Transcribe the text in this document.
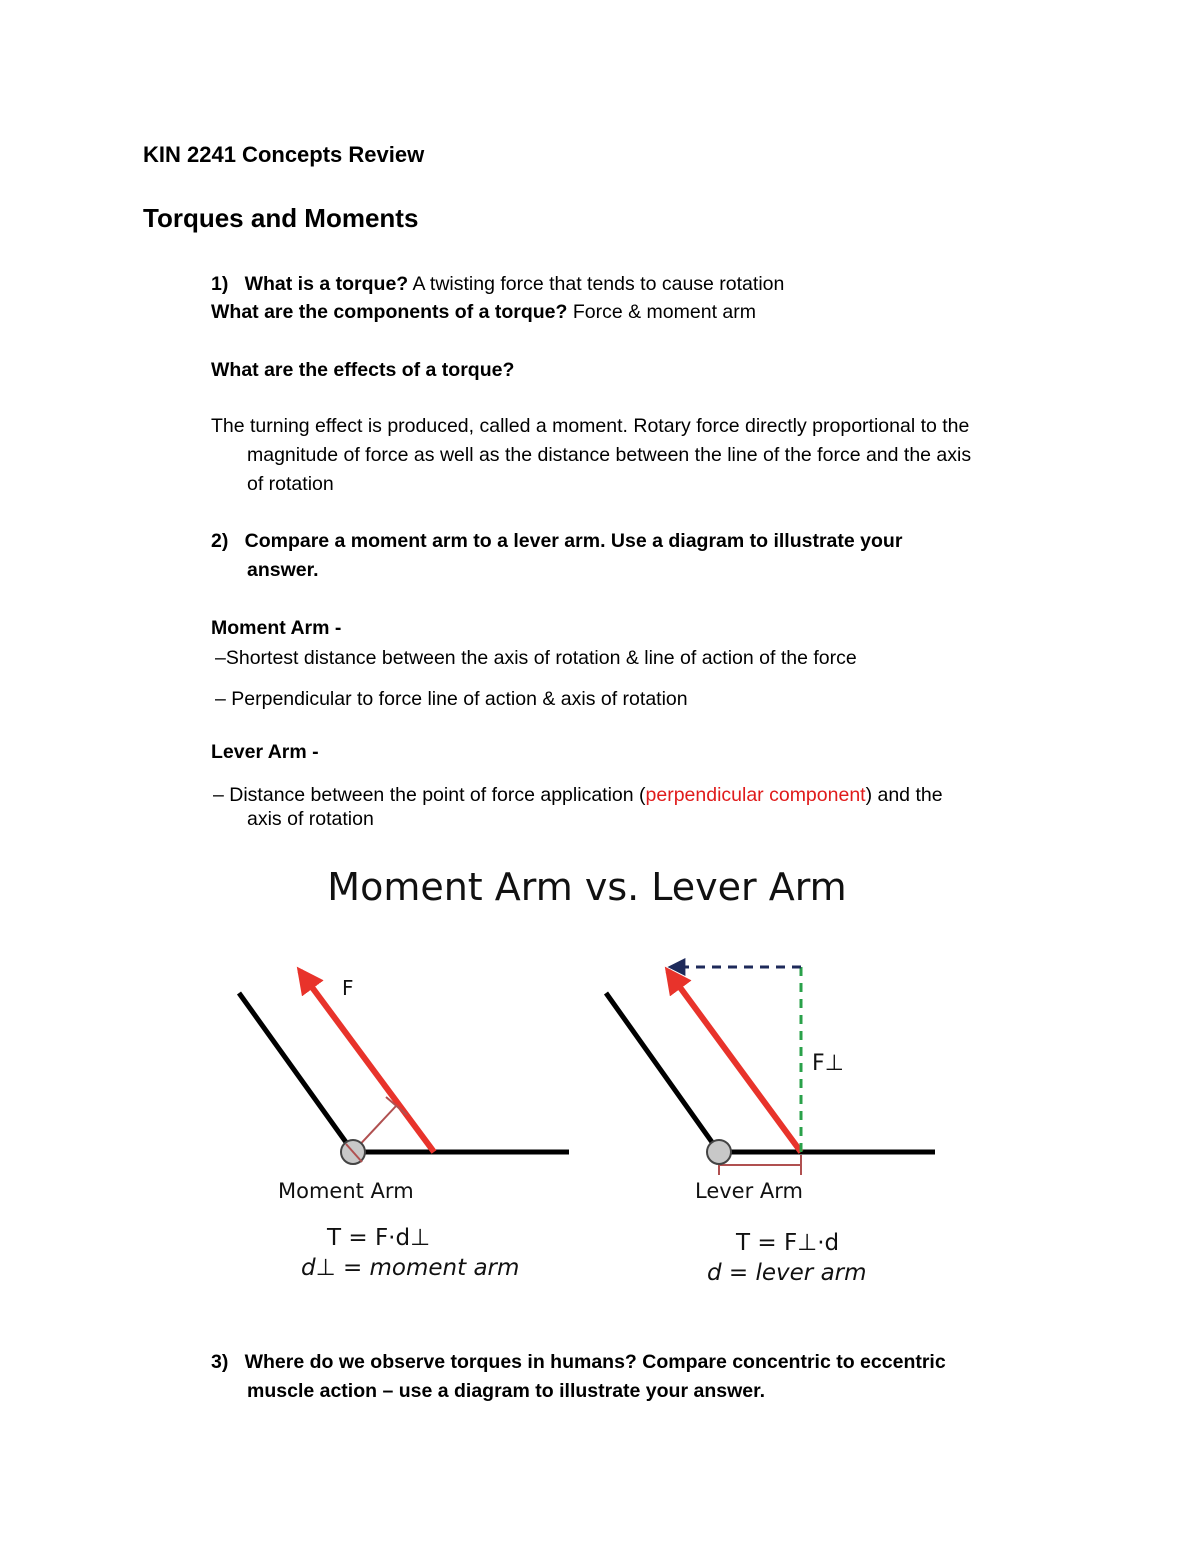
KIN 2241 Concepts Review
Torques and Moments
1) What is a torque? A twisting force that tends to cause rotation
What are the components of a torque? Force & moment arm
What are the effects of a torque?
The turning effect is produced, called a moment. Rotary force directly proportional to the
magnitude of force as well as the distance between the line of the force and the axis
of rotation
2) Compare a moment arm to a lever arm. Use a diagram to illustrate your
answer.
Moment Arm -
–Shortest distance between the axis of rotation & line of action of the force
– Perpendicular to force line of action & axis of rotation
Lever Arm -
– Distance between the point of force application (perpendicular component) and the
axis of rotation
Moment Arm vs. Lever Arm
F
Moment Arm
T = F·d⊥
d⊥ = moment arm
F⊥
Lever Arm
T = F⊥·d
d = lever arm
3) Where do we observe torques in humans? Compare concentric to eccentric
muscle action – use a diagram to illustrate your answer.
